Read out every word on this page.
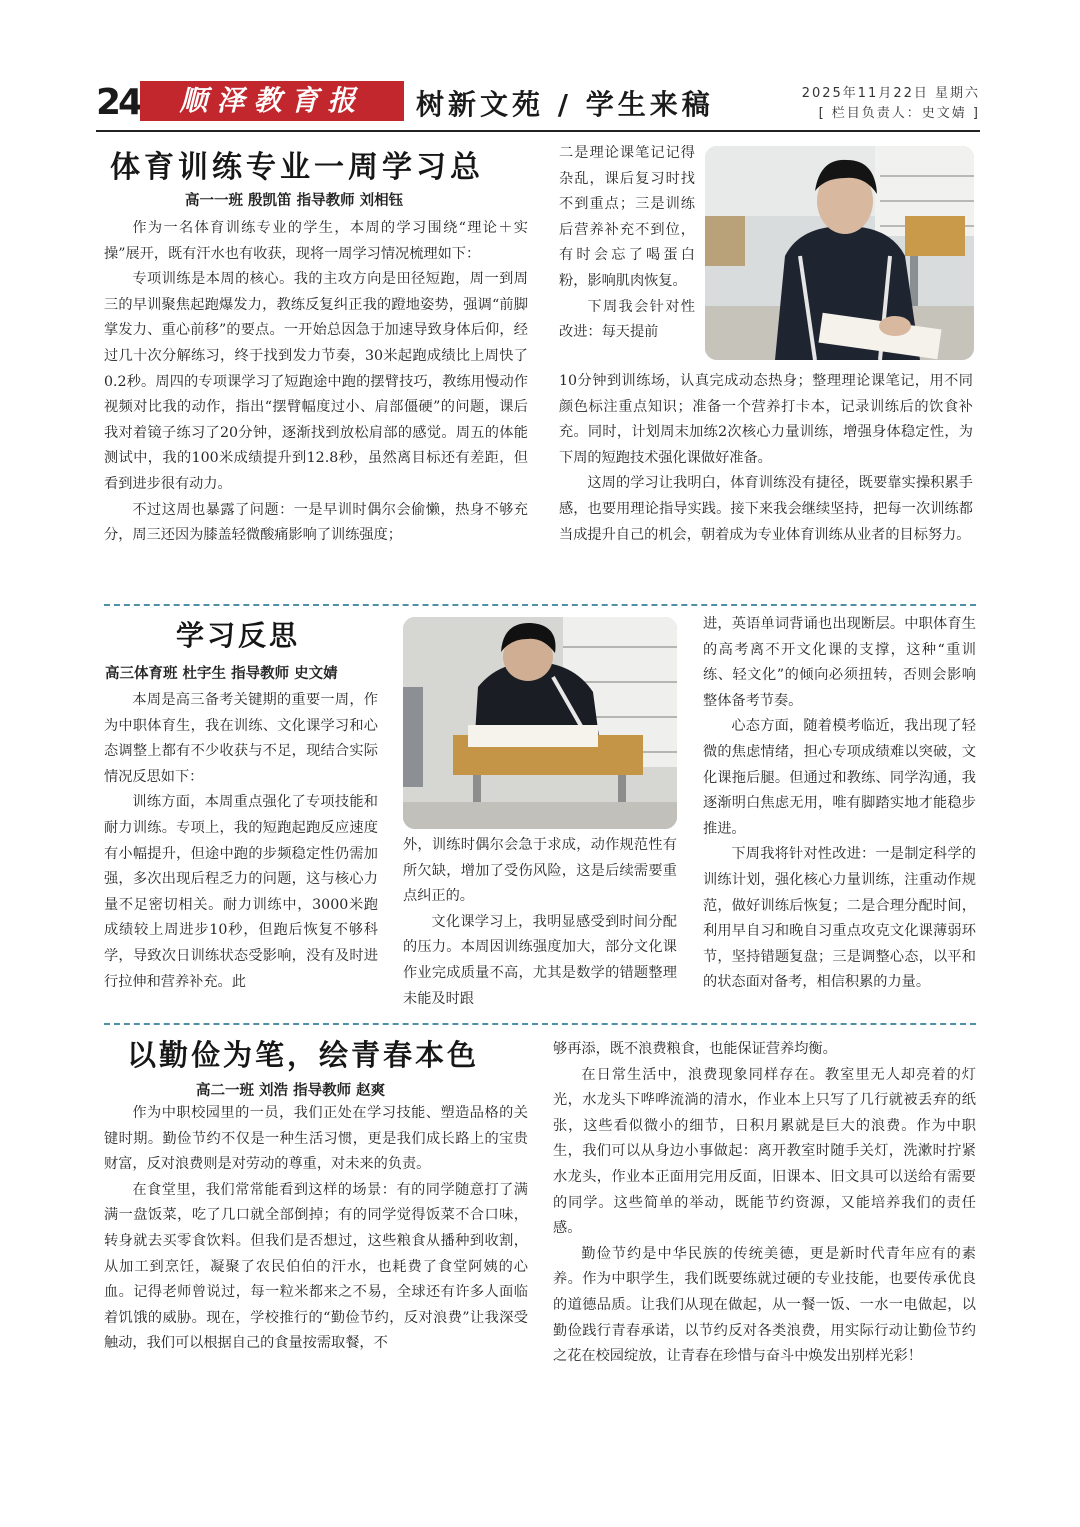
24	顺泽教育报	树新文苑 / 学生来稿	2025年11月22日 星期六
[ 栏目负责人：史文婧 ]
体育训练专业一周学习总
高一一班 殷凯笛 指导教师 刘相钰

作为一名体育训练专业的学生，本周的学习围绕“理论＋实操”展开，既有汗水也有收获，现将一周学习情况梳理如下：

专项训练是本周的核心。我的主攻方向是田径短跑，周一到周三的早训聚焦起跑爆发力，教练反复纠正我的蹬地姿势，强调“前脚掌发力、重心前移”的要点。一开始总因急于加速导致身体后仰，经过几十次分解练习，终于找到发力节奏，30米起跑成绩比上周快了0.2秒。周四的专项课学习了短跑途中跑的摆臂技巧，教练用慢动作视频对比我的动作，指出“摆臂幅度过小、肩部僵硬”的问题，课后我对着镜子练习了20分钟，逐渐找到放松肩部的感觉。周五的体能测试中，我的100米成绩提升到12.8秒，虽然离目标还有差距，但看到进步很有动力。

不过这周也暴露了问题：一是早训时偶尔会偷懒，热身不够充分，周三还因为膝盖轻微酸痛影响了训练强度；

二是理论课笔记记得杂乱，课后复习时找不到重点；三是训练后营养补充不到位，有时会忘了喝蛋白粉，影响肌肉恢复。

下周我会针对性改进：每天提前

10分钟到训练场，认真完成动态热身；整理理论课笔记，用不同颜色标注重点知识；准备一个营养打卡本，记录训练后的饮食补充。同时，计划周末加练2次核心力量训练，增强身体稳定性，为下周的短跑技术强化课做好准备。

这周的学习让我明白，体育训练没有捷径，既要靠实操积累手感，也要用理论指导实践。接下来我会继续坚持，把每一次训练都当成提升自己的机会，朝着成为专业体育训练从业者的目标努力。

学习反思
高三体育班 杜宇生 指导教师 史文婧

本周是高三备考关键期的重要一周，作为中职体育生，我在训练、文化课学习和心态调整上都有不少收获与不足，现结合实际情况反思如下：

训练方面，本周重点强化了专项技能和耐力训练。专项上，我的短跑起跑反应速度有小幅提升，但途中跑的步频稳定性仍需加强，多次出现后程乏力的问题，这与核心力量不足密切相关。耐力训练中，3000米跑成绩较上周进步10秒，但跑后恢复不够科学，导致次日训练状态受影响，没有及时进行拉伸和营养补充。此

外，训练时偶尔会急于求成，动作规范性有所欠缺，增加了受伤风险，这是后续需要重点纠正的。

文化课学习上，我明显感受到时间分配的压力。本周因训练强度加大，部分文化课作业完成质量不高，尤其是数学的错题整理未能及时跟

进，英语单词背诵也出现断层。中职体育生的高考离不开文化课的支撑，这种“重训练、轻文化”的倾向必须扭转，否则会影响整体备考节奏。

心态方面，随着模考临近，我出现了轻微的焦虑情绪，担心专项成绩难以突破，文化课拖后腿。但通过和教练、同学沟通，我逐渐明白焦虑无用，唯有脚踏实地才能稳步推进。

下周我将针对性改进：一是制定科学的训练计划，强化核心力量训练，注重动作规范，做好训练后恢复；二是合理分配时间，利用早自习和晚自习重点攻克文化课薄弱环节，坚持错题复盘；三是调整心态，以平和的状态面对备考，相信积累的力量。

以勤俭为笔，绘青春本色
高二一班 刘浩 指导教师 赵爽

作为中职校园里的一员，我们正处在学习技能、塑造品格的关键时期。勤俭节约不仅是一种生活习惯，更是我们成长路上的宝贵财富，反对浪费则是对劳动的尊重，对未来的负责。

在食堂里，我们常常能看到这样的场景：有的同学随意打了满满一盘饭菜，吃了几口就全部倒掉；有的同学觉得饭菜不合口味，转身就去买零食饮料。但我们是否想过，这些粮食从播种到收割，从加工到烹饪，凝聚了农民伯伯的汗水，也耗费了食堂阿姨的心血。记得老师曾说过，每一粒米都来之不易，全球还有许多人面临着饥饿的威胁。现在，学校推行的“勤俭节约，反对浪费”让我深受触动，我们可以根据自己的食量按需取餐，不

够再添，既不浪费粮食，也能保证营养均衡。

在日常生活中，浪费现象同样存在。教室里无人却亮着的灯光，水龙头下哗哗流淌的清水，作业本上只写了几行就被丢弃的纸张，这些看似微小的细节，日积月累就是巨大的浪费。作为中职生，我们可以从身边小事做起：离开教室时随手关灯，洗漱时拧紧水龙头，作业本正面用完用反面，旧课本、旧文具可以送给有需要的同学。这些简单的举动，既能节约资源，又能培养我们的责任感。

勤俭节约是中华民族的传统美德，更是新时代青年应有的素养。作为中职学生，我们既要练就过硬的专业技能，也要传承优良的道德品质。让我们从现在做起，从一餐一饭、一水一电做起，以勤俭践行青春承诺，以节约反对各类浪费，用实际行动让勤俭节约之花在校园绽放，让青春在珍惜与奋斗中焕发出别样光彩！
